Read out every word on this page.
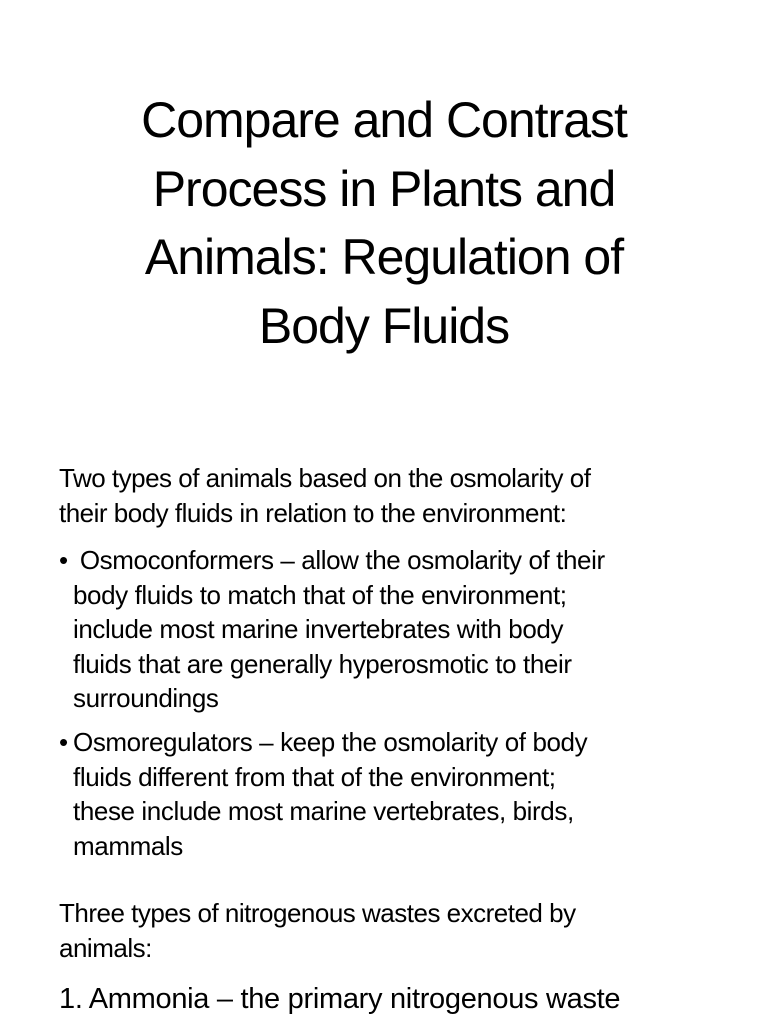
Compare and Contrast
Process in Plants and
Animals: Regulation of
Body Fluids

Two types of animals based on the osmolarity of
their body fluids in relation to the environment:

• Osmoconformers – allow the osmolarity of their
body fluids to match that of the environment;
include most marine invertebrates with body
fluids that are generally hyperosmotic to their
surroundings
• Osmoregulators – keep the osmolarity of body
fluids different from that of the environment;
these include most marine vertebrates, birds,
mammals

Three types of nitrogenous wastes excreted by
animals:

1. Ammonia – the primary nitrogenous waste
